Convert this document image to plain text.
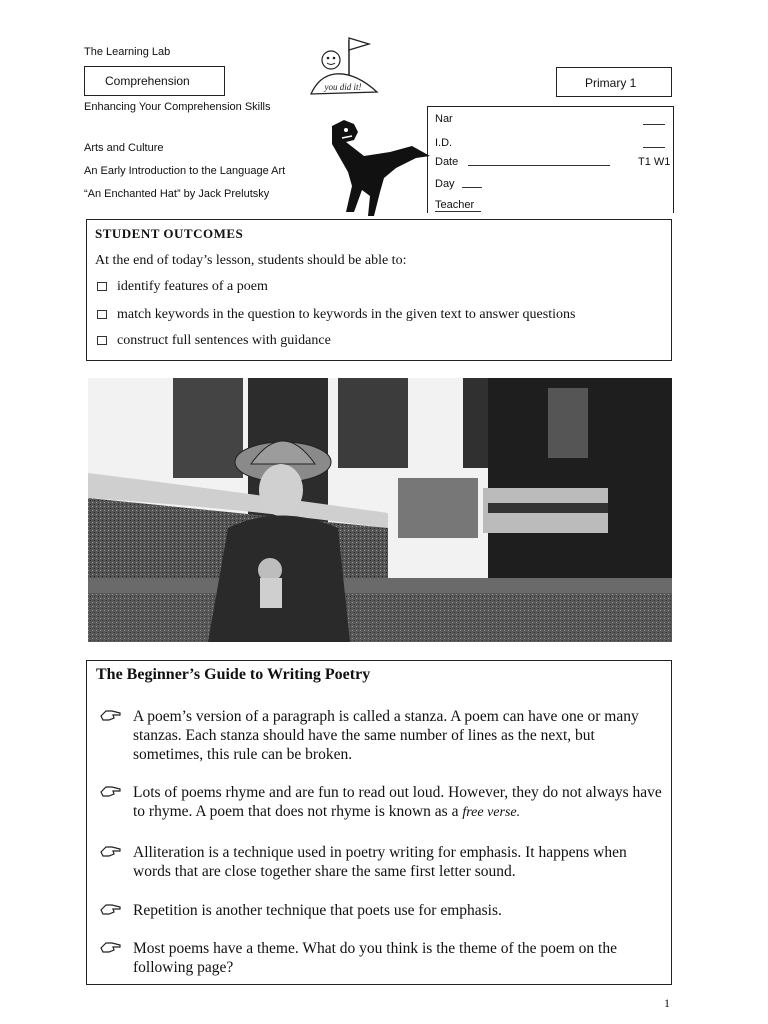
The Learning Lab
Comprehension
Enhancing Your Comprehension Skills
you did it!	Primary 1
Nar
I.D.
Date	T1 W1
Day
Teacher
Arts and Culture
An Early Introduction to the Language Art
“An Enchanted Hat” by Jack Prelutsky
STUDENT OUTCOMES
At the end of today’s lesson, students should be able to:
identify features of a poem
match keywords in the question to keywords in the given text to answer questions
construct full sentences with guidance
The Beginner’s Guide to Writing Poetry
A poem’s version of a paragraph is called a stanza. A poem can have one or many stanzas. Each stanza should have the same number of lines as the next, but sometimes, this rule can be broken.
Lots of poems rhyme and are fun to read out loud. However, they do not always have to rhyme. A poem that does not rhyme is known as a free verse.
Alliteration is a technique used in poetry writing for emphasis. It happens when words that are close together share the same first letter sound.
Repetition is another technique that poets use for emphasis.
Most poems have a theme. What do you think is the theme of the poem on the following page?
1
